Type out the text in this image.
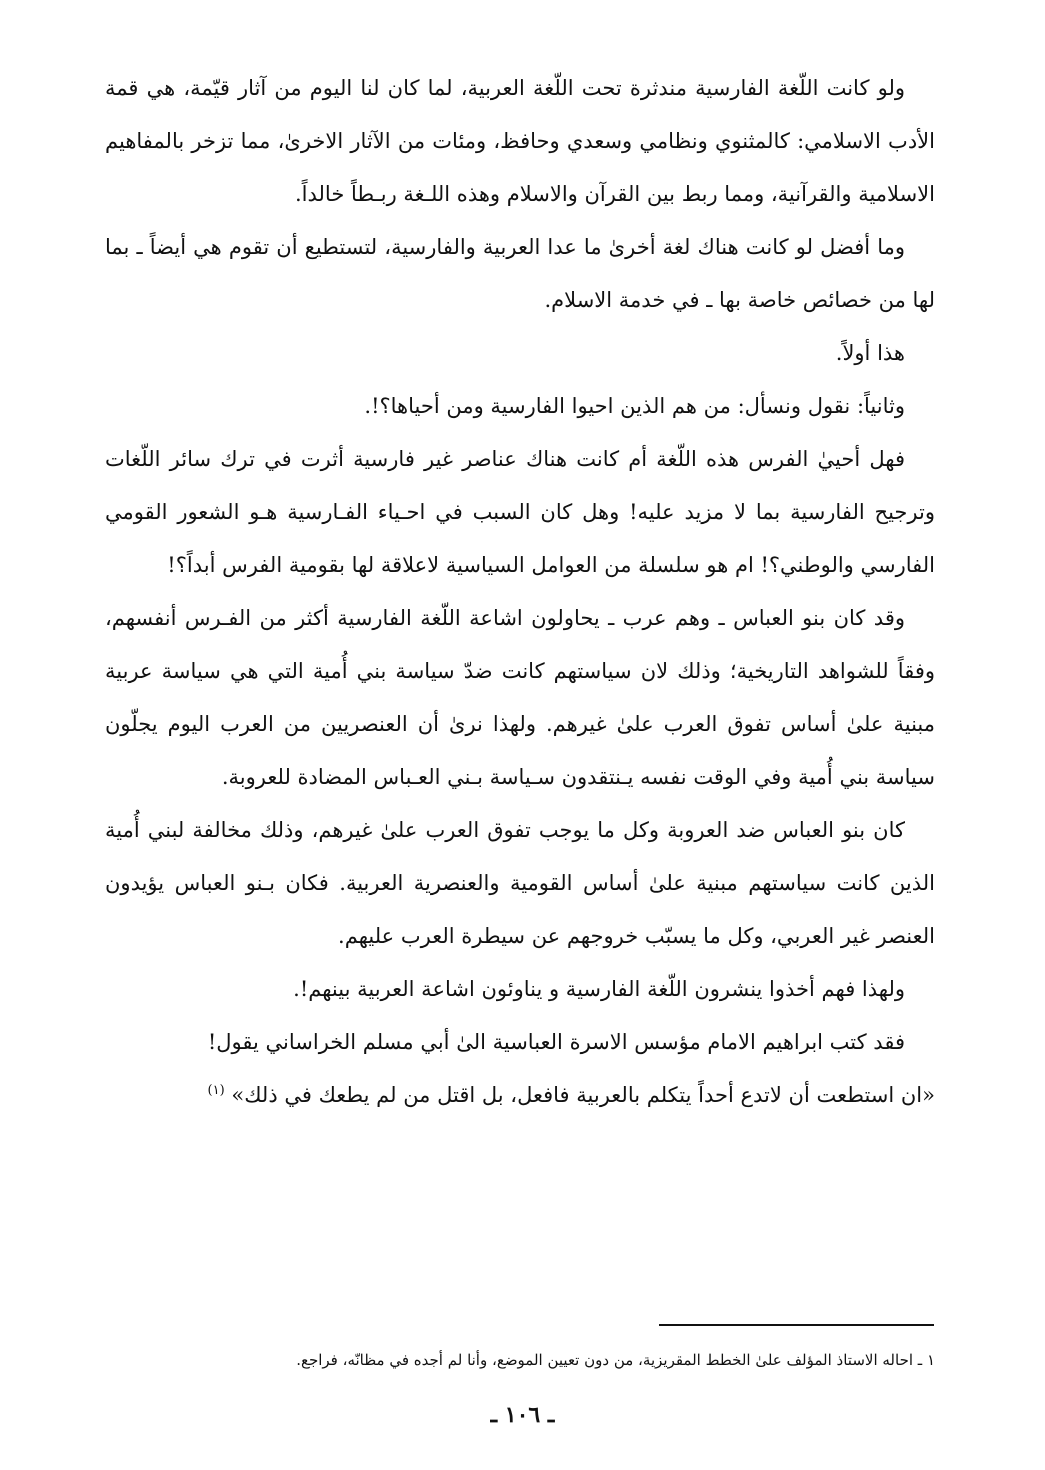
ولو كانت اللّغة الفارسية مندثرة تحت اللّغة العربية، لما كان لنا اليوم من آثار قيّمة، هي قمة الأدب الاسلامي: كالمثنوي ونظامي وسعدي وحافظ، ومئات من الآثار الاخرىٰ، مما تزخر بالمفاهيم الاسلامية والقرآنية، ومما ربط بين القرآن والاسلام وهذه اللـغة ربـطاً خالداً.

وما أفضل لو كانت هناك لغة أخرىٰ ما عدا العربية والفارسية، لتستطيع أن تقوم هي أيضاً ـ بما لها من خصائص خاصة بها ـ في خدمة الاسلام.

هذا أولاً.

وثانياً: نقول ونسأل: من هم الذين احيوا الفارسية ومن أحياها؟!.

فهل أحييٰ الفرس هذه اللّغة أم كانت هناك عناصر غير فارسية أثرت في ترك سائر اللّغات وترجيح الفارسية بما لا مزيد عليه! وهل كان السبب في احـياء الفـارسية هـو الشعور القومي الفارسي والوطني؟! ام هو سلسلة من العوامل السياسية لاعلاقة لها بقومية الفرس أبداً؟!

وقد كان بنو العباس ـ وهم عرب ـ يحاولون اشاعة اللّغة الفارسية أكثر من الفـرس أنفسهم، وفقاً للشواهد التاريخية؛ وذلك لان سياستهم كانت ضدّ سياسة بني أُمية التي هي سياسة عربية مبنية علىٰ أساس تفوق العرب علىٰ غيرهم. ولهذا نرىٰ أن العنصريين من العرب اليوم يجلّون سياسة بني أُمية وفي الوقت نفسه يـنتقدون سـياسة بـني العـباس المضادة للعروبة.

كان بنو العباس ضد العروبة وكل ما يوجب تفوق العرب علىٰ غيرهم، وذلك مخالفة لبني أُمية الذين كانت سياستهم مبنية علىٰ أساس القومية والعنصرية العربية. فكان بـنو العباس يؤيدون العنصر غير العربي، وكل ما يسبّب خروجهم عن سيطرة العرب عليهم.

ولهذا فهم أخذوا ينشرون اللّغة الفارسية و يناوئون اشاعة العربية بينهم!.

فقد كتب ابراهيم الامام مؤسس الاسرة العباسية الىٰ أبي مسلم الخراساني يقول!

«ان استطعت أن لاتدع أحداً يتكلم بالعربية فافعل، بل اقتل من لم يطعك في ذلك» $^{(١)}$

١ ـ احاله الاستاذ المؤلف علىٰ الخطط المقريزية، من دون تعيين الموضع، وأنا لم أجده في مظانّه، فراجع.
ـ ١٠٦ ـ
